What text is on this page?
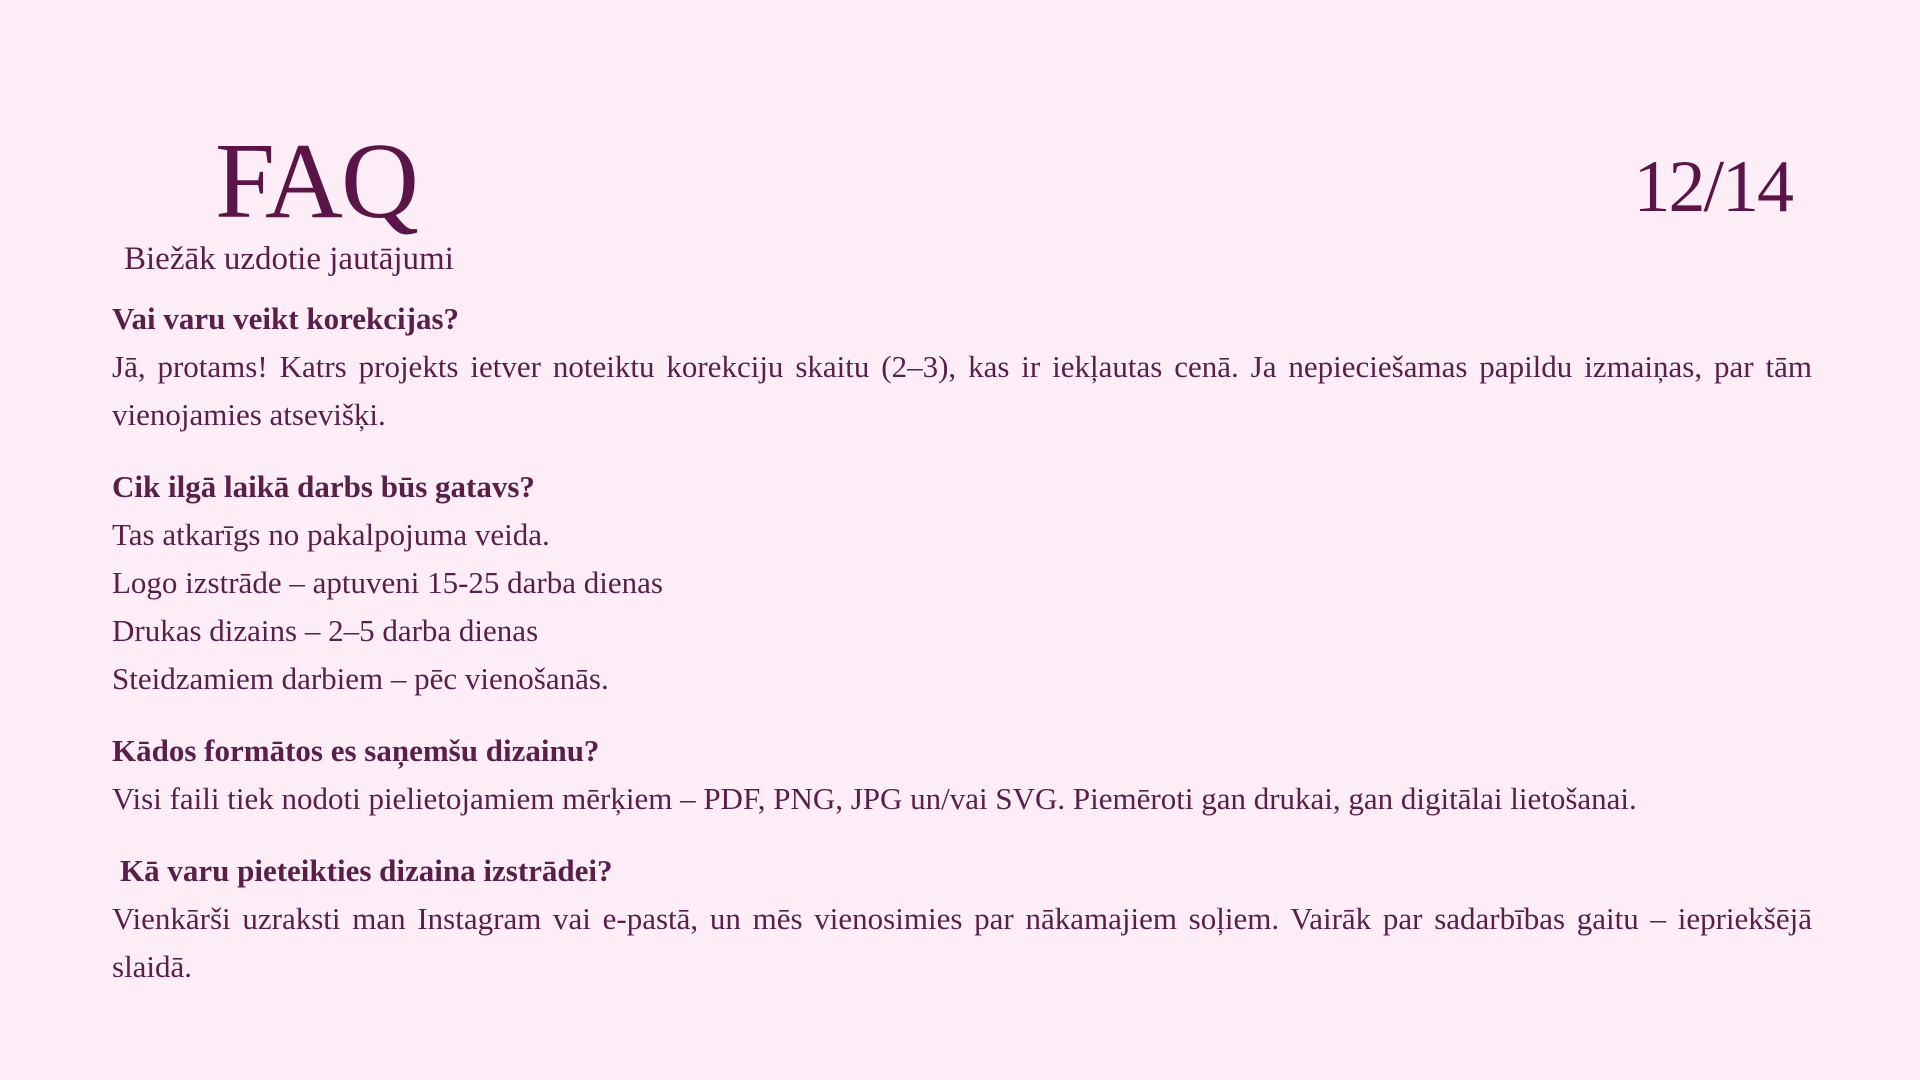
FAQ

Biežāk uzdotie jautājumi

12/14

Vai varu veikt korekcijas?

Jā, protams! Katrs projekts ietver noteiktu korekciju skaitu (2–3), kas ir iekļautas cenā. Ja nepieciešamas papildu izmaiņas, par tām vienojamies atsevišķi.

Cik ilgā laikā darbs būs gatavs?

Tas atkarīgs no pakalpojuma veida.

Logo izstrāde – aptuveni 15-25 darba dienas

Drukas dizains – 2–5 darba dienas

Steidzamiem darbiem – pēc vienošanās.

Kādos formātos es saņemšu dizainu?

Visi faili tiek nodoti pielietojamiem mērķiem – PDF, PNG, JPG un/vai SVG. Piemēroti gan drukai, gan digitālai lietošanai.

Kā varu pieteikties dizaina izstrādei?

Vienkārši uzraksti man Instagram vai e-pastā, un mēs vienosimies par nākamajiem soļiem. Vairāk par sadarbības gaitu – iepriekšējā slaidā.
